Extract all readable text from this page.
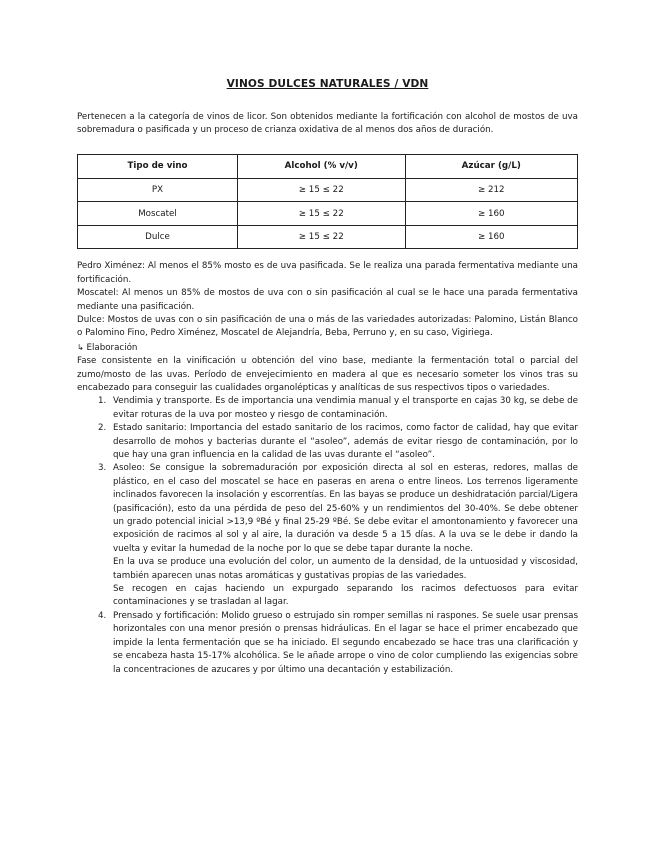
VINOS DULCES NATURALES / VDN

Pertenecen a la categoría de vinos de licor. Son obtenidos mediante la fortificación con alcohol de mostos de uva sobremadura o pasificada y un proceso de crianza oxidativa de al menos dos años de duración.

Tipo de vino	Alcohol (% v/v)	Azúcar (g/L)
PX	≥ 15 ≤ 22	≥ 212
Moscatel	≥ 15 ≤ 22	≥ 160
Dulce	≥ 15 ≤ 22	≥ 160

Pedro Ximénez: Al menos el 85% mosto es de uva pasificada. Se le realiza una parada fermentativa mediante una fortificación.

Moscatel: Al menos un 85% de mostos de uva con o sin pasificación al cual se le hace una parada fermentativa mediante una pasificación.

Dulce: Mostos de uvas con o sin pasificación de una o más de las variedades autorizadas: Palomino, Listán Blanco o Palomino Fino, Pedro Ximénez, Moscatel de Alejandría, Beba, Perruno y, en su caso, Vigiriega.

↳ Elaboración

Fase consistente en la vinificación u obtención del vino base, mediante la fermentación total o parcial del zumo/mosto de las uvas. Período de envejecimiento en madera al que es necesario someter los vinos tras su encabezado para conseguir las cualidades organolépticas y analíticas de sus respectivos tipos o variedades.

1. Vendimia y transporte. Es de importancia una vendimia manual y el transporte en cajas 30 kg, se debe de evitar roturas de la uva por mosteo y riesgo de contaminación.
2. Estado sanitario: Importancia del estado sanitario de los racimos, como factor de calidad, hay que evitar desarrollo de mohos y bacterias durante el “asoleo”, además de evitar riesgo de contaminación, por lo que hay una gran influencia en la calidad de las uvas durante el “asoleo”.
3. Asoleo: Se consigue la sobremaduración por exposición directa al sol en esteras, redores, mallas de plástico, en el caso del moscatel se hace en paseras en arena o entre lineos. Los terrenos ligeramente inclinados favorecen la insolación y escorrentías. En las bayas se produce un deshidratación parcial/Ligera (pasificación), esto da una pérdida de peso del 25-60% y un rendimientos del 30-40%. Se debe obtener un grado potencial inicial >13,9 ºBé y final 25-29 ºBé. Se debe evitar el amontonamiento y favorecer una exposición de racimos al sol y al aire, la duración va desde 5 a 15 días. A la uva se le debe ir dando la vuelta y evitar la humedad de la noche por lo que se debe tapar durante la noche.
En la uva se produce una evolución del color, un aumento de la densidad, de la untuosidad y viscosidad, también aparecen unas notas aromáticas y gustativas propias de las variedades.
Se recogen en cajas haciendo un expurgado separando los racimos defectuosos para evitar contaminaciones y se trasladan al lagar.
4. Prensado y fortificación: Molido grueso o estrujado sin romper semillas ni raspones. Se suele usar prensas horizontales con una menor presión o prensas hidráulicas. En el lagar se hace el primer encabezado que impide la lenta fermentación que se ha iniciado. El segundo encabezado se hace tras una clarificación y se encabeza hasta 15-17% alcohólica. Se le añade arrope o vino de color cumpliendo las exigencias sobre la concentraciones de azucares y por último una decantación y estabilización.
